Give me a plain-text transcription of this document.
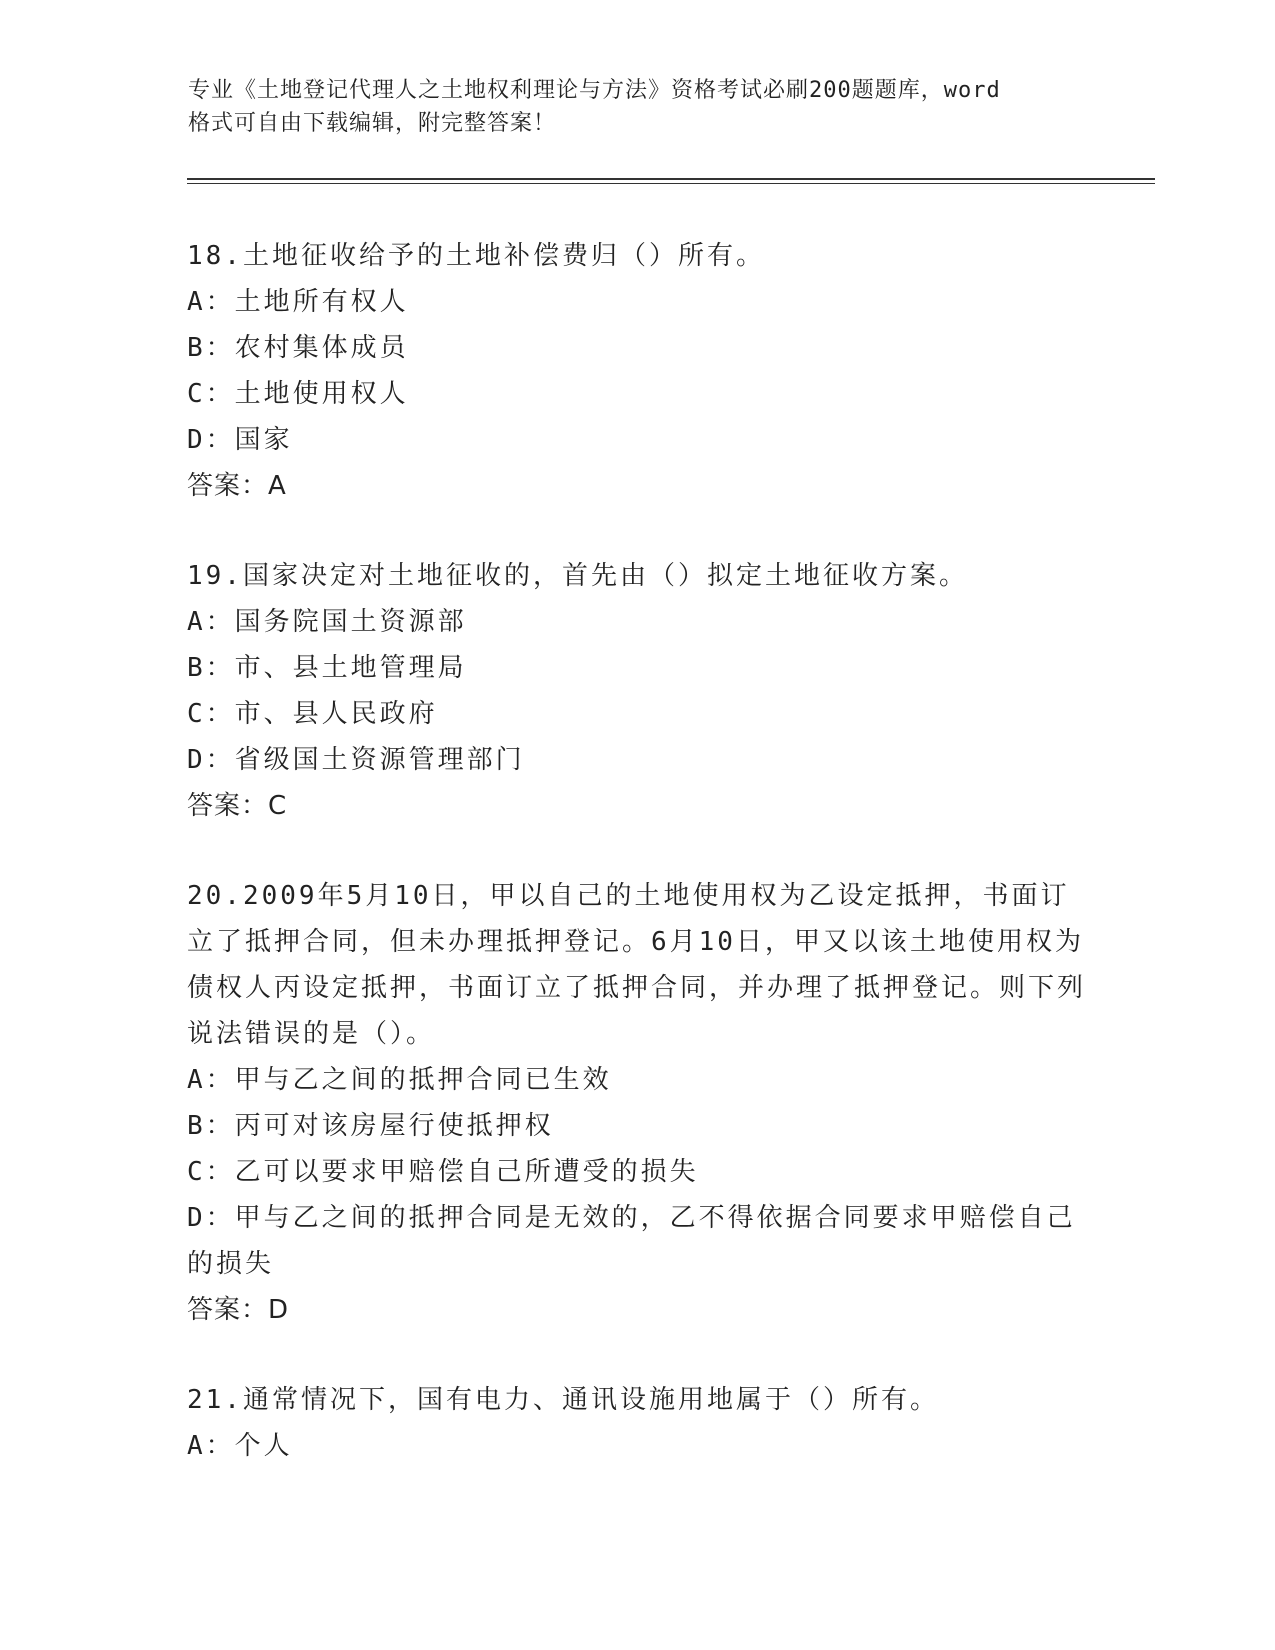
专业《土地登记代理人之土地权利理论与方法》资格考试必刷200题题库，word
格式可自由下载编辑，附完整答案！
18.土地征收给予的土地补偿费归（）所有。
A：土地所有权人
B：农村集体成员
C：土地使用权人
D：国家
答案：A
19.国家决定对土地征收的，首先由（）拟定土地征收方案。
A：国务院国土资源部
B：市、县土地管理局
C：市、县人民政府
D：省级国土资源管理部门
答案：C
20.2009年5月10日，甲以自己的土地使用权为乙设定抵押，书面订立了抵押合同，但未办理抵押登记。6月10日，甲又以该土地使用权为债权人丙设定抵押，书面订立了抵押合同，并办理了抵押登记。则下列说法错误的是（）。
A：甲与乙之间的抵押合同已生效
B：丙可对该房屋行使抵押权
C：乙可以要求甲赔偿自己所遭受的损失
D：甲与乙之间的抵押合同是无效的，乙不得依据合同要求甲赔偿自己的损失
答案：D
21.通常情况下，国有电力、通讯设施用地属于（）所有。
A：个人
